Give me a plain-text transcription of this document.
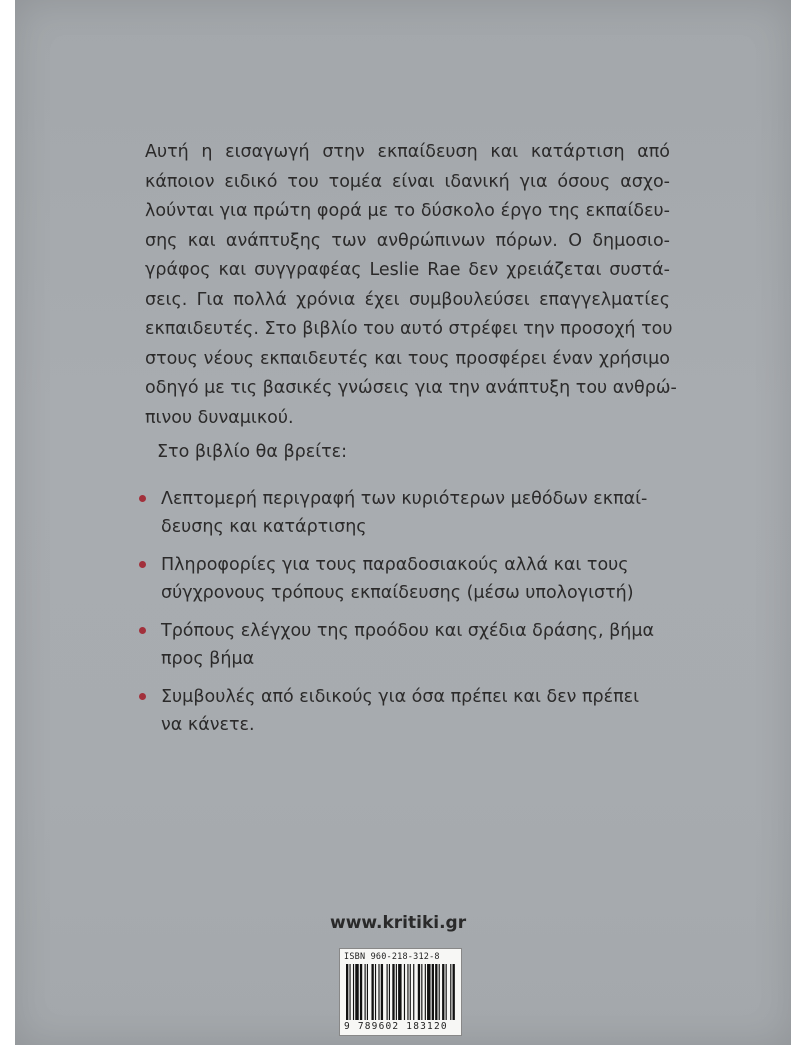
Αυτή η εισαγωγή στην εκπαίδευση και κατάρτιση από
κάποιον ειδικό του τομέα είναι ιδανική για όσους ασχο-
λούνται για πρώτη φορά με το δύσκολο έργο της εκπαίδευ-
σης και ανάπτυξης των ανθρώπινων πόρων. Ο δημοσιο-
γράφος και συγγραφέας Leslie Rae δεν χρειάζεται συστά-
σεις. Για πολλά χρόνια έχει συμβουλεύσει επαγγελματίες
εκπαιδευτές. Στο βιβλίο του αυτό στρέφει την προσοχή του
στους νέους εκπαιδευτές και τους προσφέρει έναν χρήσιμο
οδηγό με τις βασικές γνώσεις για την ανάπτυξη του ανθρώ-
πινου δυναμικού.
Στο βιβλίο θα βρείτε:
Λεπτομερή περιγραφή των κυριότερων μεθόδων εκπαί-
δευσης και κατάρτισης
Πληροφορίες για τους παραδοσιακούς αλλά και τους
σύγχρονους τρόπους εκπαίδευσης (μέσω υπολογιστή)
Τρόπους ελέγχου της προόδου και σχέδια δράσης, βήμα
προς βήμα
Συμβουλές από ειδικούς για όσα πρέπει και δεν πρέπει
να κάνετε.
www.kritiki.gr
ISBN 960-218-312-8
9 789602 183120
